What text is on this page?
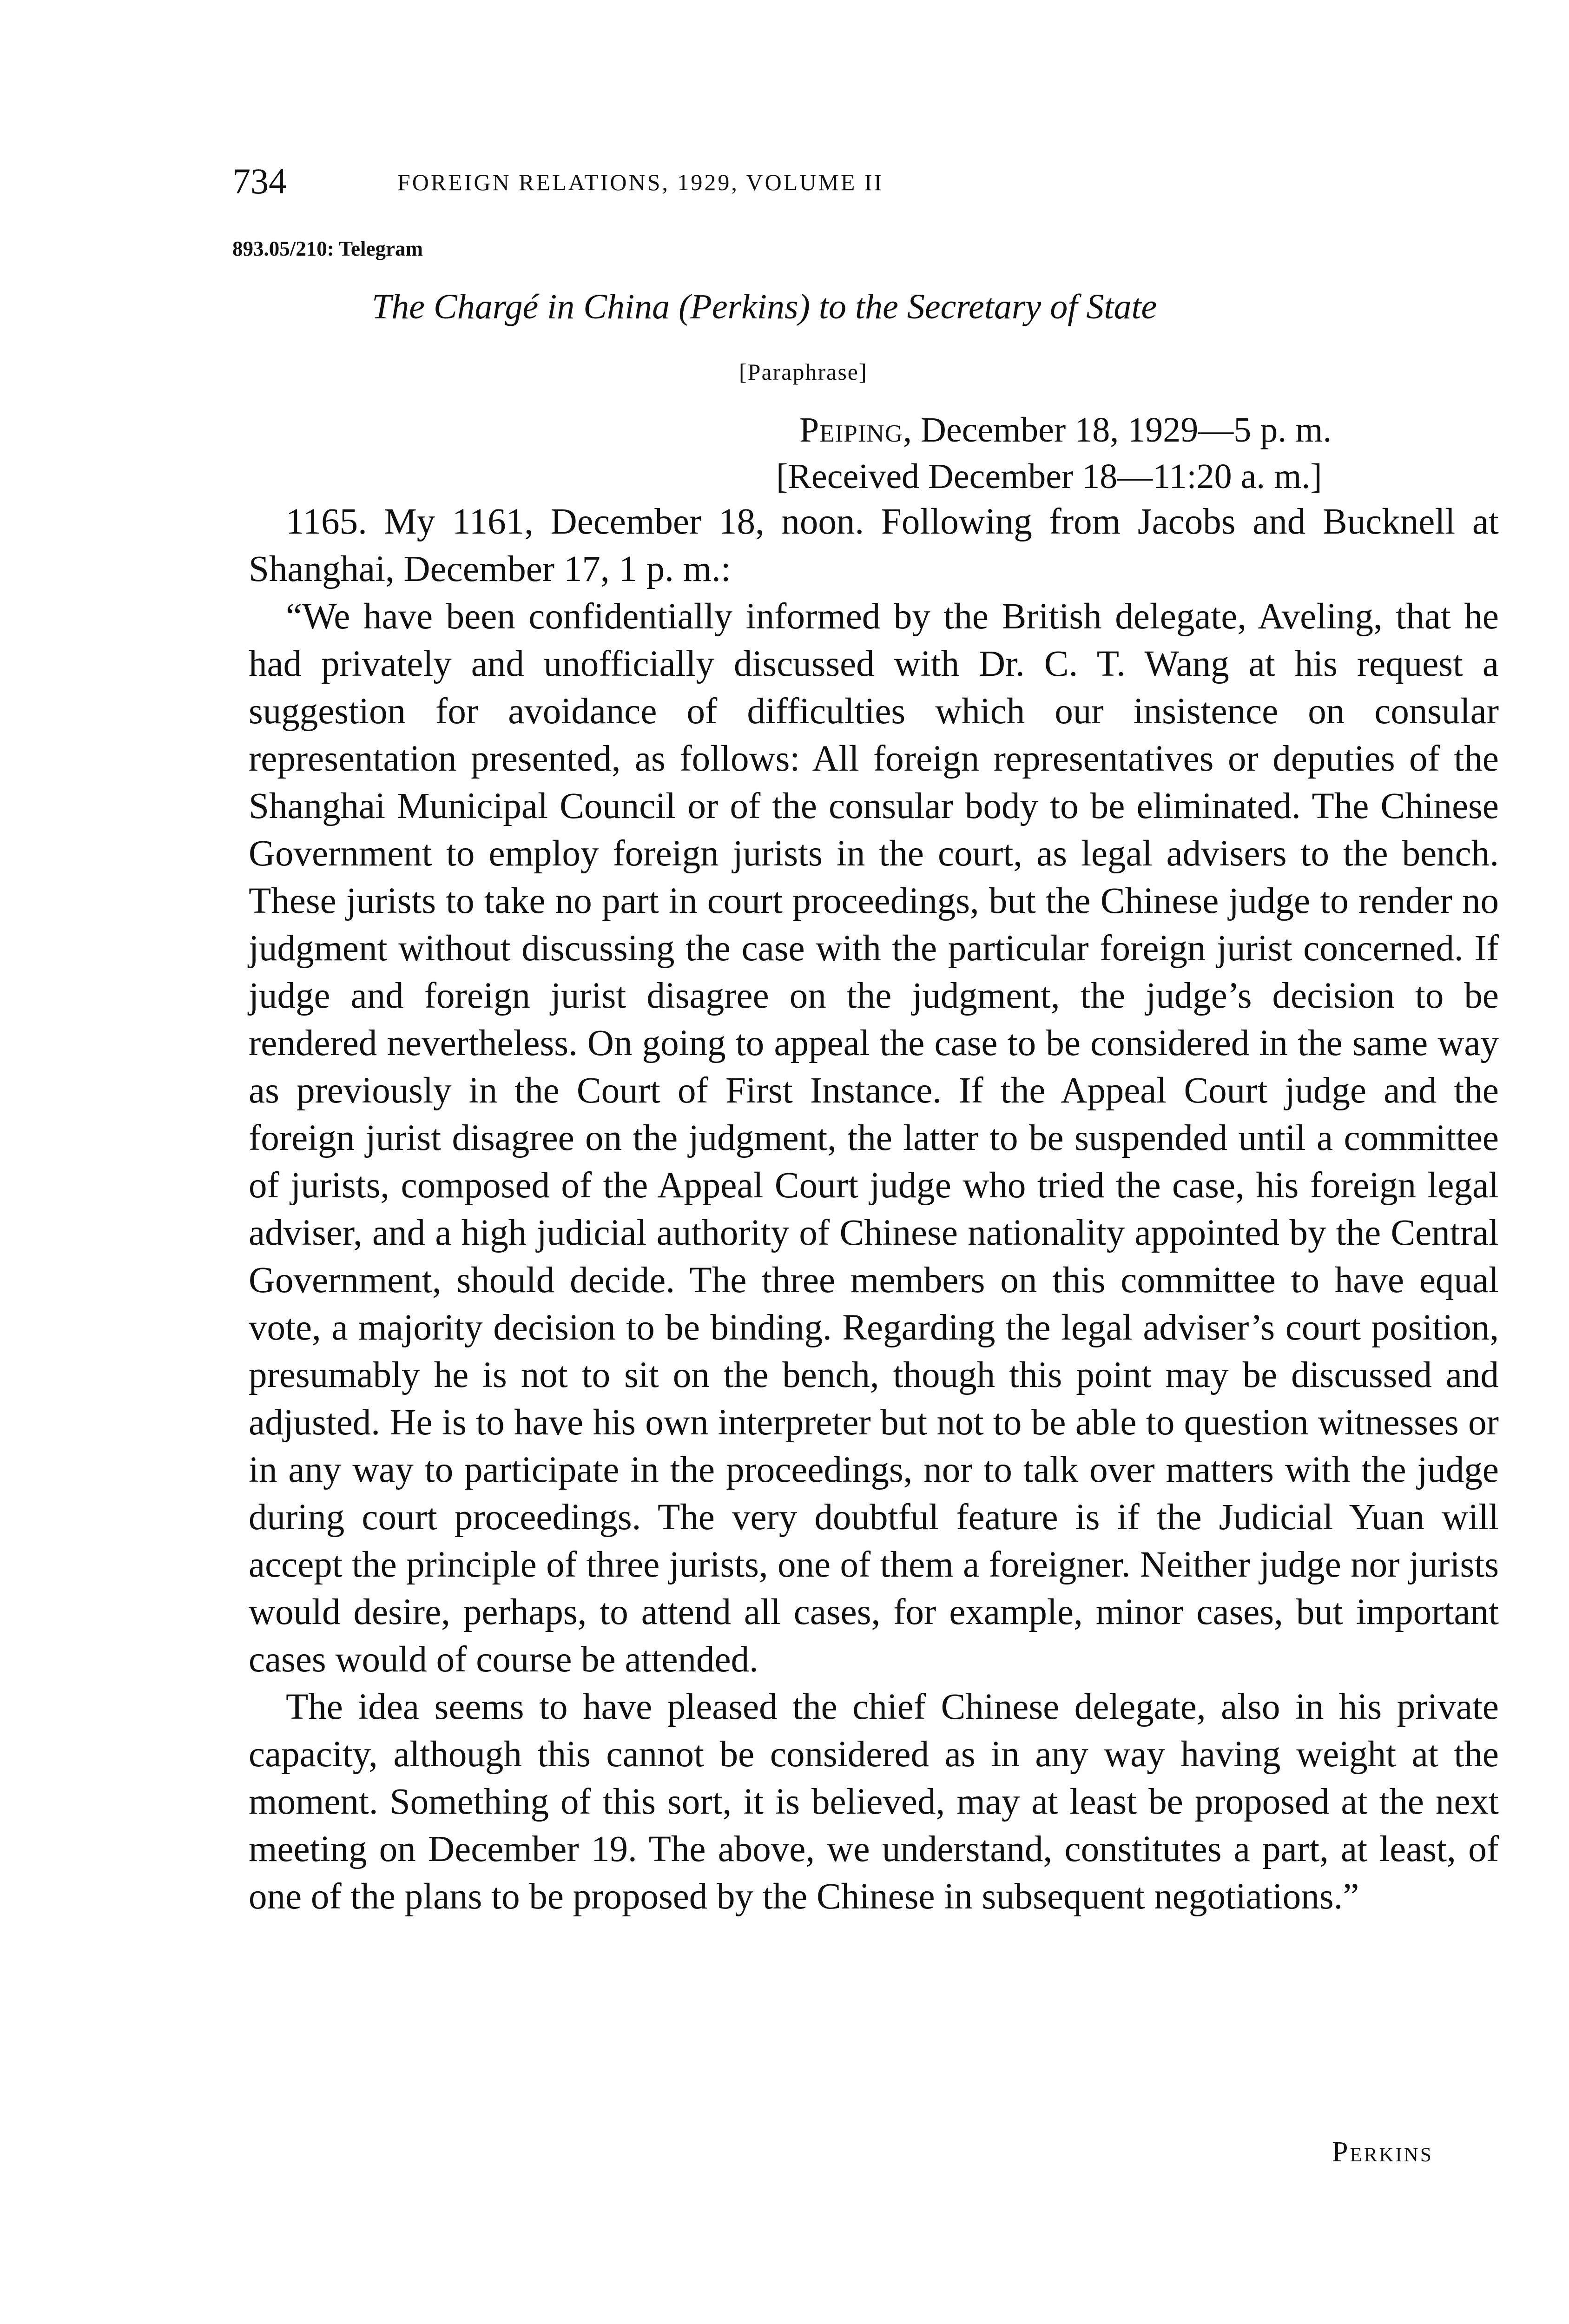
734	FOREIGN RELATIONS, 1929, VOLUME II
893.05/210: Telegram
The Chargé in China (Perkins) to the Secretary of State
[Paraphrase]
Peiping, December 18, 1929—5 p. m.
[Received December 18—11:20 a. m.]

1165. My 1161, December 18, noon. Following from Jacobs and Bucknell at Shanghai, December 17, 1 p. m.:

“We have been confidentially informed by the British delegate, Aveling, that he had privately and unofficially discussed with Dr. C. T. Wang at his request a suggestion for avoidance of difficulties which our insistence on consular representation presented, as follows: All foreign representatives or deputies of the Shanghai Municipal Council or of the consular body to be eliminated. The Chinese Government to employ foreign jurists in the court, as legal advisers to the bench. These jurists to take no part in court proceedings, but the Chinese judge to render no judgment without discussing the case with the particular foreign jurist concerned. If judge and foreign jurist disagree on the judgment, the judge’s decision to be rendered nevertheless. On going to appeal the case to be considered in the same way as previously in the Court of First Instance. If the Appeal Court judge and the foreign jurist disagree on the judgment, the latter to be suspended until a committee of jurists, composed of the Appeal Court judge who tried the case, his foreign legal adviser, and a high judicial authority of Chinese nationality appointed by the Central Government, should decide. The three members on this committee to have equal vote, a majority decision to be binding. Regarding the legal adviser’s court position, presumably he is not to sit on the bench, though this point may be discussed and adjusted. He is to have his own interpreter but not to be able to question witnesses or in any way to participate in the proceedings, nor to talk over matters with the judge during court proceedings. The very doubtful feature is if the Judicial Yuan will accept the principle of three jurists, one of them a foreigner. Neither judge nor jurists would desire, perhaps, to attend all cases, for example, minor cases, but important cases would of course be attended.

The idea seems to have pleased the chief Chinese delegate, also in his private capacity, although this cannot be considered as in any way having weight at the moment. Something of this sort, it is believed, may at least be proposed at the next meeting on December 19. The above, we understand, constitutes a part, at least, of one of the plans to be proposed by the Chinese in subsequent negotiations.”

Perkins
